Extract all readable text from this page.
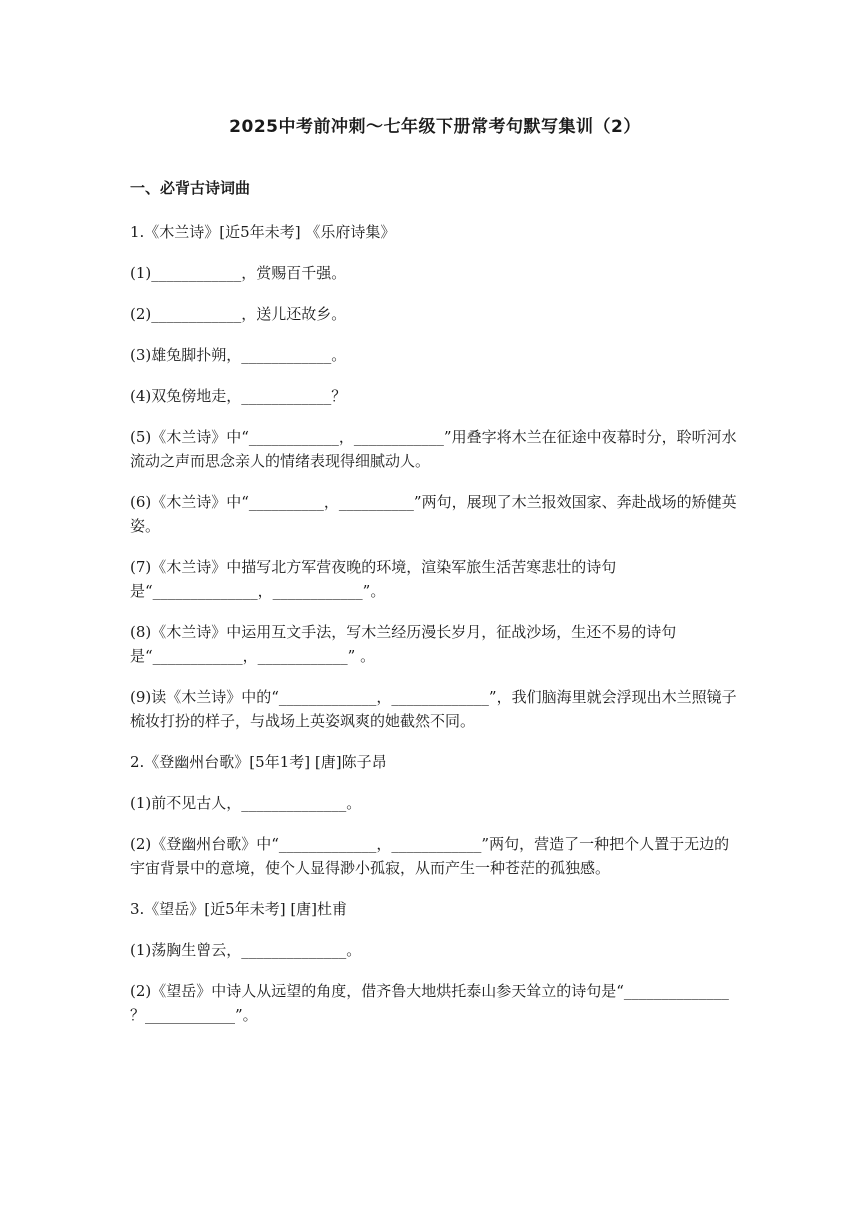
2025中考前冲刺～七年级下册常考句默写集训（2）
一、必背古诗词曲
1.《木兰诗》[近5年未考] 《乐府诗集》
(1)____________，赏赐百千强。
(2)____________，送儿还故乡。
(3)雄兔脚扑朔，____________。
(4)双兔傍地走，____________？
(5)《木兰诗》中“____________，____________”用叠字将木兰在征途中夜幕时分，聆听河水流动之声而思念亲人的情绪表现得细腻动人。
(6)《木兰诗》中“__________，__________”两句，展现了木兰报效国家、奔赴战场的矫健英姿。
(7)《木兰诗》中描写北方军营夜晚的环境，渲染军旅生活苦寒悲壮的诗句是“______________，____________”。
(8)《木兰诗》中运用互文手法，写木兰经历漫长岁月，征战沙场，生还不易的诗句是“____________，____________” 。
(9)读《木兰诗》中的“_____________，_____________”，我们脑海里就会浮现出木兰照镜子梳妆打扮的样子，与战场上英姿飒爽的她截然不同。
2.《登幽州台歌》[5年1考] [唐]陈子昂
(1)前不见古人，______________。
(2)《登幽州台歌》中“_____________，____________”两句，营造了一种把个人置于无边的宇宙背景中的意境，使个人显得渺小孤寂，从而产生一种苍茫的孤独感。
3.《望岳》[近5年未考] [唐]杜甫
(1)荡胸生曾云，______________。
(2)《望岳》中诗人从远望的角度，借齐鲁大地烘托泰山参天耸立的诗句是“______________ ？____________”。
